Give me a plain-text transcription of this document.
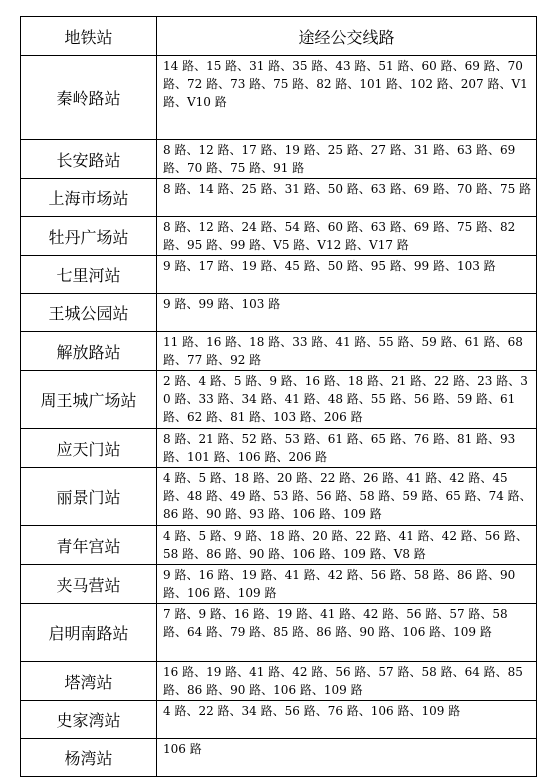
地铁站	途经公交线路
秦岭路站	14 路、15 路、31 路、35 路、43 路、51 路、60 路、69 路、70 路、72 路、73 路、75 路、82 路、101 路、102 路、207 路、V1 路、V10 路
长安路站	8 路、12 路、17 路、19 路、25 路、27 路、31 路、63 路、69 路、70 路、75 路、91 路
上海市场站	8 路、14 路、25 路、31 路、50 路、63 路、69 路、70 路、75 路
牡丹广场站	8 路、12 路、24 路、54 路、60 路、63 路、69 路、75 路、82 路、95 路、99 路、V5 路、V12 路、V17 路
七里河站	9 路、17 路、19 路、45 路、50 路、95 路、99 路、103 路
王城公园站	9 路、99 路、103 路
解放路站	11 路、16 路、18 路、33 路、41 路、55 路、59 路、61 路、68 路、77 路、92 路
周王城广场站	2 路、4 路、5 路、9 路、16 路、18 路、21 路、22 路、23 路、30 路、33 路、34 路、41 路、48 路、55 路、56 路、59 路、61 路、62 路、81 路、103 路、206 路
应天门站	8 路、21 路、52 路、53 路、61 路、65 路、76 路、81 路、93 路、101 路、106 路、206 路
丽景门站	4 路、5 路、18 路、20 路、22 路、26 路、41 路、42 路、45 路、48 路、49 路、53 路、56 路、58 路、59 路、65 路、74 路、86 路、90 路、93 路、106 路、109 路
青年宫站	4 路、5 路、9 路、18 路、20 路、22 路、41 路、42 路、56 路、58 路、86 路、90 路、106 路、109 路、V8 路
夹马营站	9 路、16 路、19 路、41 路、42 路、56 路、58 路、86 路、90 路、106 路、109 路
启明南路站	7 路、9 路、16 路、19 路、41 路、42 路、56 路、57 路、58 路、64 路、79 路、85 路、86 路、90 路、106 路、109 路
塔湾站	16 路、19 路、41 路、42 路、56 路、57 路、58 路、64 路、85 路、86 路、90 路、106 路、109 路
史家湾站	4 路、22 路、34 路、56 路、76 路、106 路、109 路
杨湾站	106 路
